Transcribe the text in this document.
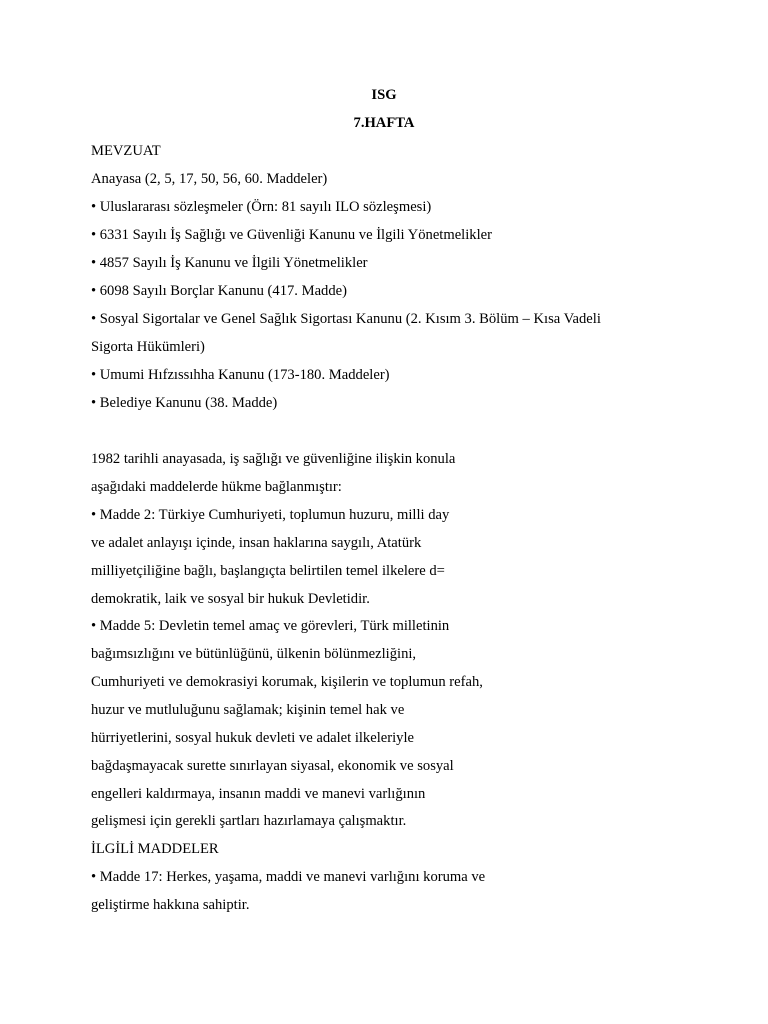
ISG
7.HAFTA
MEVZUAT
Anayasa (2, 5, 17, 50, 56, 60. Maddeler)
• Uluslararası sözleşmeler (Örn: 81 sayılı ILO sözleşmesi)
• 6331 Sayılı İş Sağlığı ve Güvenliği Kanunu ve İlgili Yönetmelikler
• 4857 Sayılı İş Kanunu ve İlgili Yönetmelikler
• 6098 Sayılı Borçlar Kanunu (417. Madde)
• Sosyal Sigortalar ve Genel Sağlık Sigortası Kanunu (2. Kısım 3. Bölüm – Kısa Vadeli
Sigorta Hükümleri)
• Umumi Hıfzıssıhha Kanunu (173-180. Maddeler)
• Belediye Kanunu (38. Madde)
1982 tarihli anayasada, iş sağlığı ve güvenliğine ilişkin konula
aşağıdaki maddelerde hükme bağlanmıştır:
• Madde 2: Türkiye Cumhuriyeti, toplumun huzuru, milli day
ve adalet anlayışı içinde, insan haklarına saygılı, Atatürk
milliyetçiliğine bağlı, başlangıçta belirtilen temel ilkelere d=
demokratik, laik ve sosyal bir hukuk Devletidir.
• Madde 5: Devletin temel amaç ve görevleri, Türk milletinin
bağımsızlığını ve bütünlüğünü, ülkenin bölünmezliğini,
Cumhuriyeti ve demokrasiyi korumak, kişilerin ve toplumun refah,
huzur ve mutluluğunu sağlamak; kişinin temel hak ve
hürriyetlerini, sosyal hukuk devleti ve adalet ilkeleriyle
bağdaşmayacak surette sınırlayan siyasal, ekonomik ve sosyal
engelleri kaldırmaya, insanın maddi ve manevi varlığının
gelişmesi için gerekli şartları hazırlamaya çalışmaktır.
İLGİLİ MADDELER
• Madde 17: Herkes, yaşama, maddi ve manevi varlığını koruma ve
geliştirme hakkına sahiptir.
